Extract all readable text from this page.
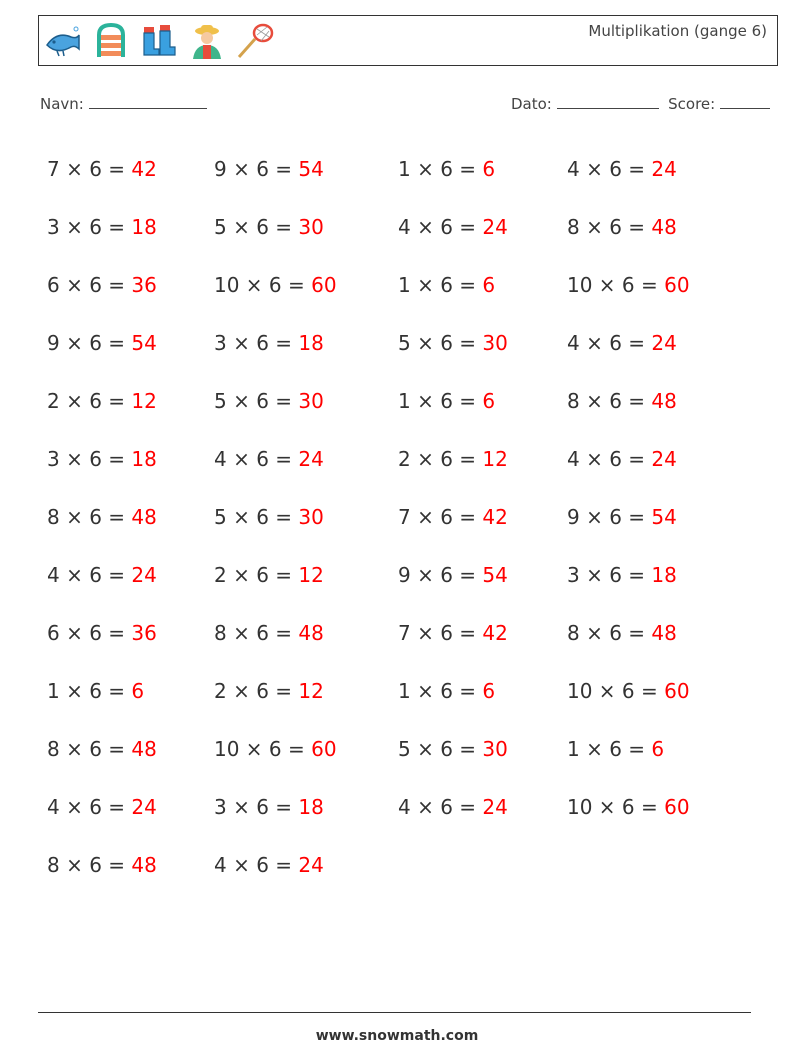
Multiplikation (gange 6)
Navn:	Dato:	Score:
7 × 6 = 42	9 × 6 = 54	1 × 6 = 6	4 × 6 = 24
3 × 6 = 18	5 × 6 = 30	4 × 6 = 24	8 × 6 = 48
6 × 6 = 36	10 × 6 = 60	1 × 6 = 6	10 × 6 = 60
9 × 6 = 54	3 × 6 = 18	5 × 6 = 30	4 × 6 = 24
2 × 6 = 12	5 × 6 = 30	1 × 6 = 6	8 × 6 = 48
3 × 6 = 18	4 × 6 = 24	2 × 6 = 12	4 × 6 = 24
8 × 6 = 48	5 × 6 = 30	7 × 6 = 42	9 × 6 = 54
4 × 6 = 24	2 × 6 = 12	9 × 6 = 54	3 × 6 = 18
6 × 6 = 36	8 × 6 = 48	7 × 6 = 42	8 × 6 = 48
1 × 6 = 6	2 × 6 = 12	1 × 6 = 6	10 × 6 = 60
8 × 6 = 48	10 × 6 = 60	5 × 6 = 30	1 × 6 = 6
4 × 6 = 24	3 × 6 = 18	4 × 6 = 24	10 × 6 = 60
8 × 6 = 48	4 × 6 = 24
www.snowmath.com
